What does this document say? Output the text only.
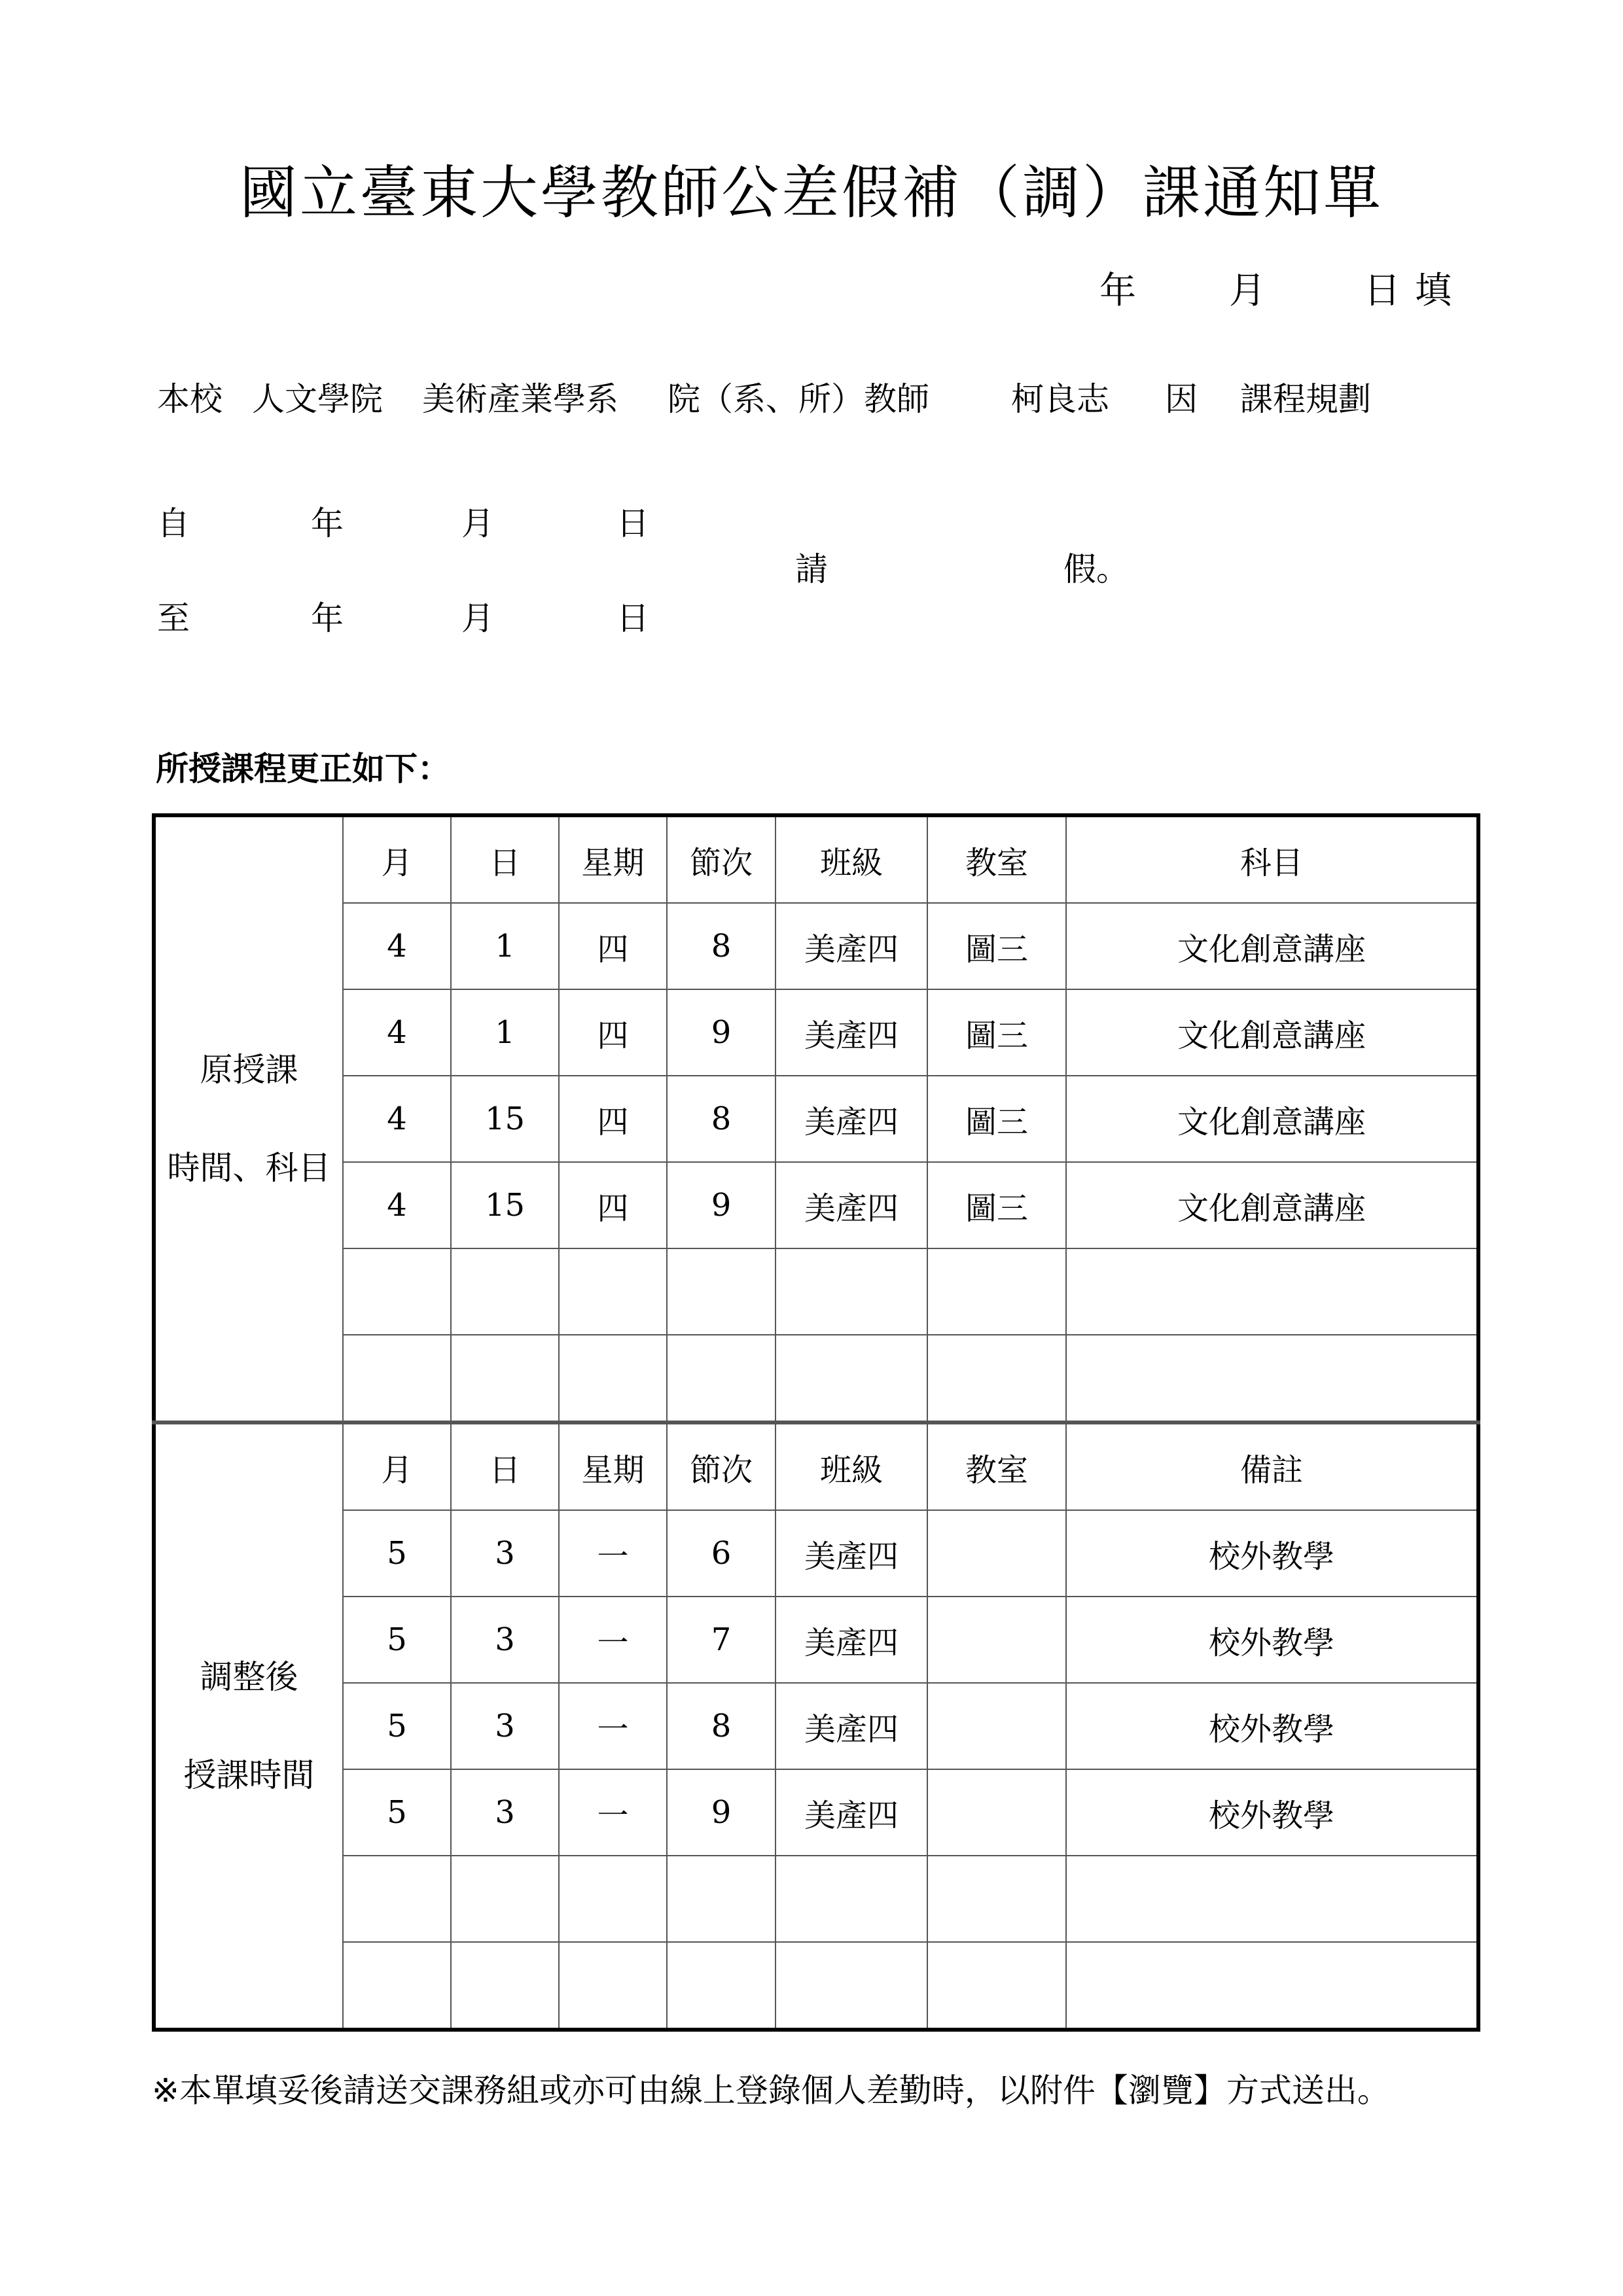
國立臺東大學教師公差假補（調）課通知單
年	月	日填
本校 人文學院 美術產業學系 院（系、所）教師	柯良志 因 課程規劃
自	年	月	日
請	假。
至	年	月	日
所授課程更正如下：
原授課
時間、科目	月	日	星期	節次	班級	教室	科目
	4	1	四	8	美產四	圖三	文化創意講座
	4	1	四	9	美產四	圖三	文化創意講座
	4	15	四	8	美產四	圖三	文化創意講座
	4	15	四	9	美產四	圖三	文化創意講座

調整後
授課時間	月	日	星期	節次	班級	教室	備註
	5	3	一	6	美產四		校外教學
	5	3	一	7	美產四		校外教學
	5	3	一	8	美產四		校外教學
	5	3	一	9	美產四		校外教學

※本單填妥後請送交課務組或亦可由線上登錄個人差勤時，以附件【瀏覽】方式送出。
